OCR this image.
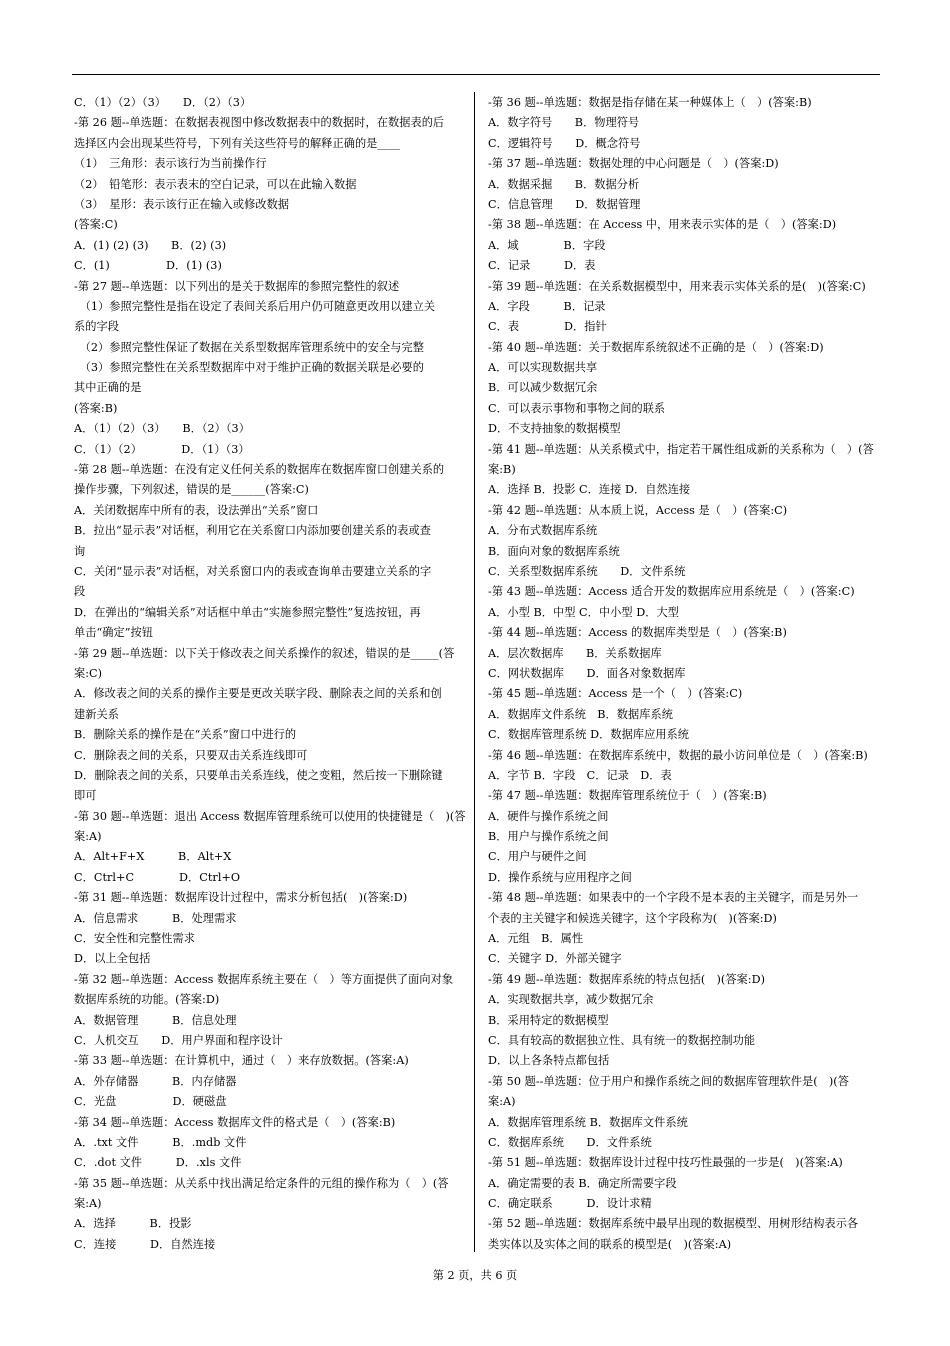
C．（1）（2）（3）　　D．（2）（3）
-第 26 题--单选题：在数据表视图中修改数据表中的数据时，在数据表的后
选择区内会出现某些符号，下列有关这些符号的解释正确的是____
（1）　三角形：表示该行为当前操作行
（2）　铅笔形：表示表末的空白记录，可以在此输入数据
（3）　星形：表示该行正在输入或修改数据
(答案:C)
A．(1) (2) (3)　　B．(2) (3)
C．(1)　　　　　D．(1) (3)
-第 27 题--单选题：以下列出的是关于数据库的参照完整性的叙述
　（1）参照完整性是指在设定了表间关系后用户仍可随意更改用以建立关
系的字段
　（2）参照完整性保证了数据在关系型数据库管理系统中的安全与完整
　（3）参照完整性在关系型数据库中对于维护正确的数据关联是必要的
其中正确的是
(答案:B)
A．（1）（2）（3）　　B．（2）（3）
C．（1）（2）　　　　D．（1）（3）
-第 28 题--单选题：在没有定义任何关系的数据库在数据库窗口创建关系的
操作步骤，下列叙述，错误的是______(答案:C)
A．关闭数据库中所有的表，设法弹出“关系”窗口
B．拉出“显示表”对话框，利用它在关系窗口内添加要创建关系的表或查
询
C．关闭“显示表”对话框，对关系窗口内的表或查询单击要建立关系的字
段
D．在弹出的“编辑关系”对话框中单击“实施参照完整性”复选按钮，再
单击“确定”按钮
-第 29 题--单选题：以下关于修改表之间关系操作的叙述，错误的是_____(答
案:C)
A．修改表之间的关系的操作主要是更改关联字段、删除表之间的关系和创
建新关系
B．删除关系的操作是在“关系”窗口中进行的
C．删除表之间的关系，只要双击关系连线即可
D．删除表之间的关系，只要单击关系连线，使之变粗，然后按一下删除键
即可
-第 30 题--单选题：退出 Access 数据库管理系统可以使用的快捷键是（　)(答
案:A)
A．Alt+F+X　　　B．Alt+X
C．Ctrl+C　　　　D．Ctrl+O
-第 31 题--单选题：数据库设计过程中，需求分析包括(　)(答案:D)
A．信息需求　　　B．处理需求
C．安全性和完整性需求
D．以上全包括
-第 32 题--单选题：Access 数据库系统主要在（　）等方面提供了面向对象
数据库系统的功能。(答案:D)
A．数据管理　　　B．信息处理
C．人机交互　　D．用户界面和程序设计
-第 33 题--单选题：在计算机中，通过（　）来存放数据。(答案:A)
A．外存储器　　　B．内存储器
C．光盘　　　　　D．硬磁盘
-第 34 题--单选题：Access 数据库文件的格式是（　）(答案:B)
A．.txt 文件　　　B．.mdb 文件
C．.dot 文件　　　D．.xls 文件
-第 35 题--单选题：从关系中找出满足给定条件的元组的操作称为（　）(答
案:A)
A．选择　　　B．投影
C．连接　　　D．自然连接
-第 36 题--单选题：数据是指存储在某一种媒体上（　）(答案:B)
A．数字符号　　B．物理符号
C．逻辑符号　　D．概念符号
-第 37 题--单选题：数据处理的中心问题是（　）(答案:D)
A．数据采掘　　B．数据分析
C．信息管理　　D．数据管理
-第 38 题--单选题：在 Access 中，用来表示实体的是（　）(答案:D)
A．域　　　　B．字段
C．记录　　　D．表
-第 39 题--单选题：在关系数据模型中，用来表示实体关系的是(　)(答案:C)
A．字段　　　B．记录
C．表　　　　D．指针
-第 40 题--单选题：关于数据库系统叙述不正确的是（　）(答案:D)
A．可以实现数据共享
B．可以减少数据冗余
C．可以表示事物和事物之间的联系
D．不支持抽象的数据模型
-第 41 题--单选题：从关系模式中，指定若干属性组成新的关系称为（　）(答
案:B)
A．选择 B．投影 C．连接 D．自然连接
-第 42 题--单选题：从本质上说，Access 是（　）(答案:C)
A．分布式数据库系统
B．面向对象的数据库系统
C．关系型数据库系统　　D．文件系统
-第 43 题--单选题：Access 适合开发的数据库应用系统是（　）(答案:C)
A．小型 B．中型 C．中小型 D．大型
-第 44 题--单选题：Access 的数据库类型是（　）(答案:B)
A．层次数据库　　B．关系数据库
C．网状数据库　　D．面各对象数据库
-第 45 题--单选题：Access 是一个（　）(答案:C)
A．数据库文件系统　B．数据库系统
C．数据库管理系统 D．数据库应用系统
-第 46 题--单选题：在数据库系统中，数据的最小访问单位是（　）(答案:B)
A．字节 B．字段　C．记录　D．表
-第 47 题--单选题：数据库管理系统位于（　）(答案:B)
A．硬件与操作系统之间
B．用户与操作系统之间
C．用户与硬件之间
D．操作系统与应用程序之间
-第 48 题--单选题：如果表中的一个字段不是本表的主关键字，而是另外一
个表的主关键字和候选关键字，这个字段称为(　)(答案:D)
A．元组　B．属性
C．关键字 D．外部关键字
-第 49 题--单选题：数据库系统的特点包括(　)(答案:D)
A．实现数据共享，减少数据冗余
B．采用特定的数据模型
C．具有较高的数据独立性、具有统一的数据控制功能
D．以上各条特点都包括
-第 50 题--单选题：位于用户和操作系统之间的数据库管理软件是(　)(答
案:A)
A．数据库管理系统 B．数据库文件系统
C．数据库系统　　D．文件系统
-第 51 题--单选题：数据库设计过程中技巧性最强的一步是(　)(答案:A)
A．确定需要的表 B．确定所需要字段
C．确定联系　　　D．设计求精
-第 52 题--单选题：数据库系统中最早出现的数据模型、用树形结构表示各
类实体以及实体之间的联系的模型是(　)(答案:A)
第 2 页，共 6 页
